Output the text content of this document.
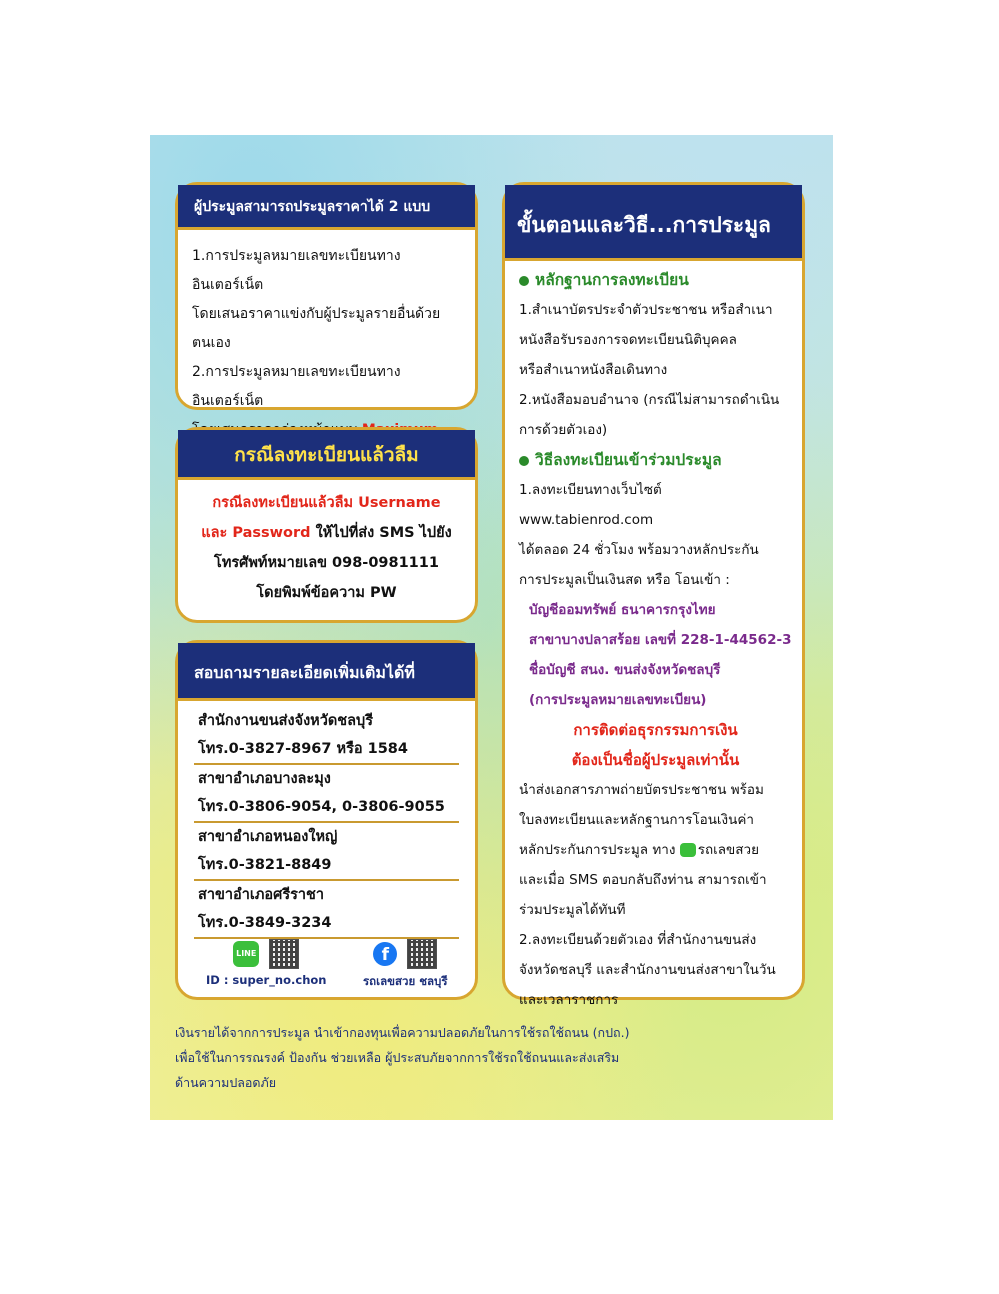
ผู้ประมูลสามารถประมูลราคาได้ 2 แบบ
1.การประมูลหมายเลขทะเบียนทางอินเตอร์เน็ต
โดยเสนอราคาแข่งกับผู้ประมูลรายอื่นด้วย
ตนเอง
2.การประมูลหมายเลขทะเบียนทางอินเตอร์เน็ต
กรณีลงทะเบียนแล้วลืม
กรณีลงทะเบียนแล้วลืม Username
และ Password ให้ไปที่ส่ง SMS ไปยัง
โทรศัพท์หมายเลข 098-0981111
โดยพิมพ์ข้อความ PW
สอบถามรายละเอียดเพิ่มเติมได้ที่
สำนักงานขนส่งจังหวัดชลบุรี
โทร.0-3827-8967 หรือ 1584
สาขาอำเภอบางละมุง
โทร.0-3806-9054, 0-3806-9055
สาขาอำเภอหนองใหญ่
โทร.0-3821-8849
สาขาอำเภอศรีราชา
โทร.0-3849-3234
LINE
ID : super_no.chon
f
รถเลขสวย ชลบุรี
ขั้นตอนและวิธี...การประมูล
หลักฐานการลงทะเบียน
1.สำเนาบัตรประจำตัวประชาชน หรือสำเนา
หนังสือรับรองการจดทะเบียนนิติบุคคล
หรือสำเนาหนังสือเดินทาง
2.หนังสือมอบอำนาจ (กรณีไม่สามารถดำเนิน
การด้วยตัวเอง)
วิธีลงทะเบียนเข้าร่วมประมูล
1.ลงทะเบียนทางเว็บไซต์ www.tabienrod.com
ได้ตลอด 24 ชั่วโมง พร้อมวางหลักประกัน
การประมูลเป็นเงินสด หรือ โอนเข้า :
บัญชีออมทรัพย์ ธนาคารกรุงไทย
สาขาบางปลาสร้อย เลขที่ 228-1-44562-3
ชื่อบัญชี สนง. ขนส่งจังหวัดชลบุรี
(การประมูลหมายเลขทะเบียน)
การติดต่อธุรกรรมการเงิน
ต้องเป็นชื่อผู้ประมูลเท่านั้น
นำส่งเอกสารภาพถ่ายบัตรประชาชน พร้อม
ใบลงทะเบียนและหลักฐานการโอนเงินค่า
หลักประกันการประมูล ทาง รถเลขสวย
และเมื่อ SMS ตอบกลับถึงท่าน สามารถเข้า
ร่วมประมูลได้ทันที
2.ลงทะเบียนด้วยตัวเอง ที่สำนักงานขนส่ง
จังหวัดชลบุรี และสำนักงานขนส่งสาขาในวัน
และเวลาราชการ
เงินรายได้จากการประมูล นำเข้ากองทุนเพื่อความปลอดภัยในการใช้รถใช้ถนน (กปถ.)
เพื่อใช้ในการรณรงค์ ป้องกัน ช่วยเหลือ ผู้ประสบภัยจากการใช้รถใช้ถนนและส่งเสริม
ด้านความปลอดภัย
